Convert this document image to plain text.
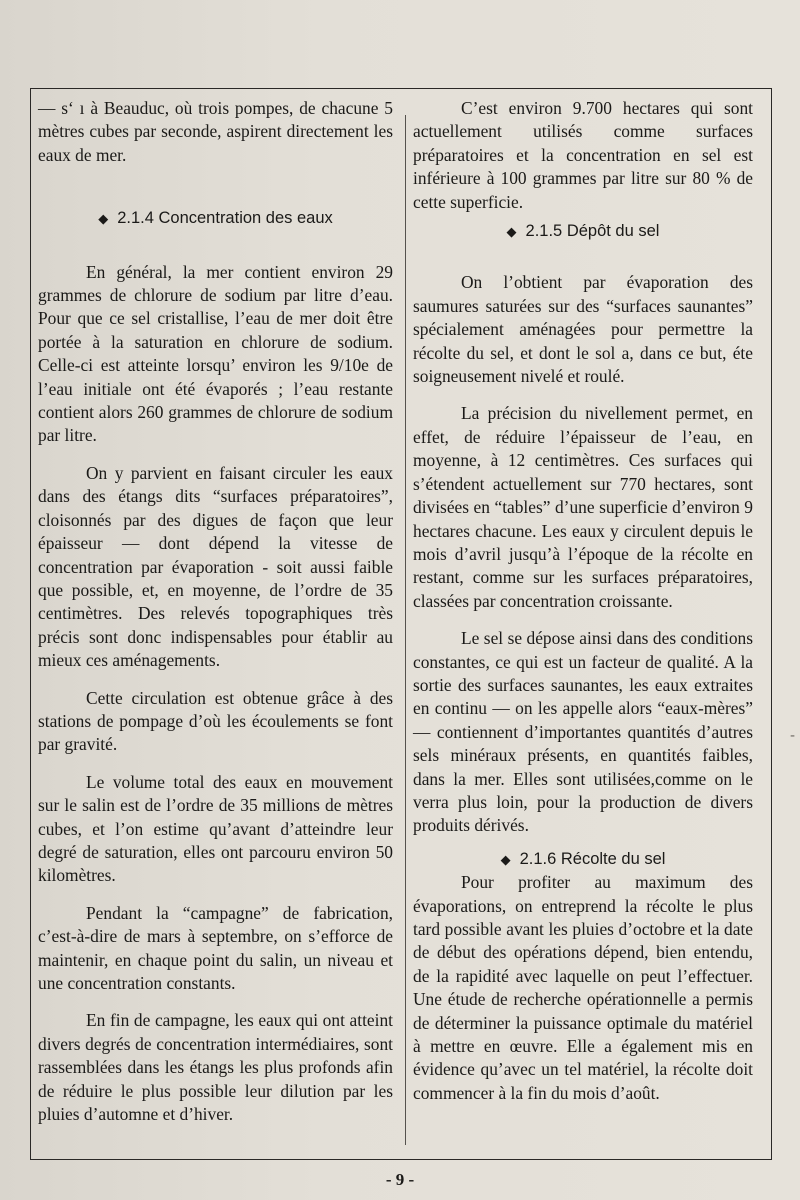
— sʻ ı à Beauduc, où trois pompes, de chacune 5 mètres cubes par seconde, aspirent directement les eaux de mer.

◆ 2.1.4 Concentration des eaux

En général, la mer contient environ 29 grammes de chlorure de sodium par litre d’eau. Pour que ce sel cristallise, l’eau de mer doit être portée à la saturation en chlorure de sodium. Celle-ci est atteinte lorsqu’ environ les 9/10e de l’eau initiale ont été évaporés ; l’eau restante contient alors 260 grammes de chlorure de sodium par litre.

On y parvient en faisant circuler les eaux dans des étangs dits “surfaces préparatoires”, cloisonnés par des digues de façon que leur épaisseur — dont dépend la vitesse de concentration par évaporation - soit aussi faible que possible, et, en moyenne, de l’ordre de 35 centimètres. Des relevés topographiques très précis sont donc indispensables pour établir au mieux ces aménagements.

Cette circulation est obtenue grâce à des stations de pompage d’où les écoulements se font par gravité.

Le volume total des eaux en mouvement sur le salin est de l’ordre de 35 millions de mètres cubes, et l’on estime qu’avant d’atteindre leur degré de saturation, elles ont parcouru environ 50 kilomètres.

Pendant la “campagne” de fabrication, c’est-à-dire de mars à septembre, on s’efforce de maintenir, en chaque point du salin, un niveau et une concentration constants.

En fin de campagne, les eaux qui ont atteint divers degrés de concentration intermédiaires, sont rassemblées dans les étangs les plus profonds afin de réduire le plus possible leur dilution par les pluies d’automne et d’hiver.

C’est environ 9.700 hectares qui sont actuellement utilisés comme surfaces préparatoires et la concentration en sel est inférieure à 100 grammes par litre sur 80 % de cette superficie.

◆ 2.1.5 Dépôt du sel

On l’obtient par évaporation des saumures saturées sur des “surfaces saunantes” spécialement aménagées pour permettre la récolte du sel, et dont le sol a, dans ce but, éte soigneusement nivelé et roulé.

La précision du nivellement permet, en effet, de réduire l’épaisseur de l’eau, en moyenne, à 12 centimètres. Ces surfaces qui s’étendent actuellement sur 770 hectares, sont divisées en “tables” d’une superficie d’environ 9 hectares chacune. Les eaux y circulent depuis le mois d’avril jusqu’à l’époque de la récolte en restant, comme sur les surfaces préparatoires, classées par concentration croissante.

Le sel se dépose ainsi dans des conditions constantes, ce qui est un facteur de qualité. A la sortie des surfaces saunantes, les eaux extraites en continu — on les appelle alors “eaux-mères” — contiennent d’importantes quantités d’autres sels minéraux présents, en quantités faibles, dans la mer. Elles sont utilisées,comme on le verra plus loin, pour la production de divers produits dérivés.

◆ 2.1.6 Récolte du sel

Pour profiter au maximum des évaporations, on entreprend la récolte le plus tard possible avant les pluies d’octobre et la date de début des opérations dépend, bien entendu, de la rapidité avec laquelle on peut l’effectuer. Une étude de recherche opérationnelle a permis de déterminer la puissance optimale du matériel à mettre en œuvre. Elle a également mis en évidence qu’avec un tel matériel, la récolte doit commencer à la fin du mois d’août.

-
- 9 -
